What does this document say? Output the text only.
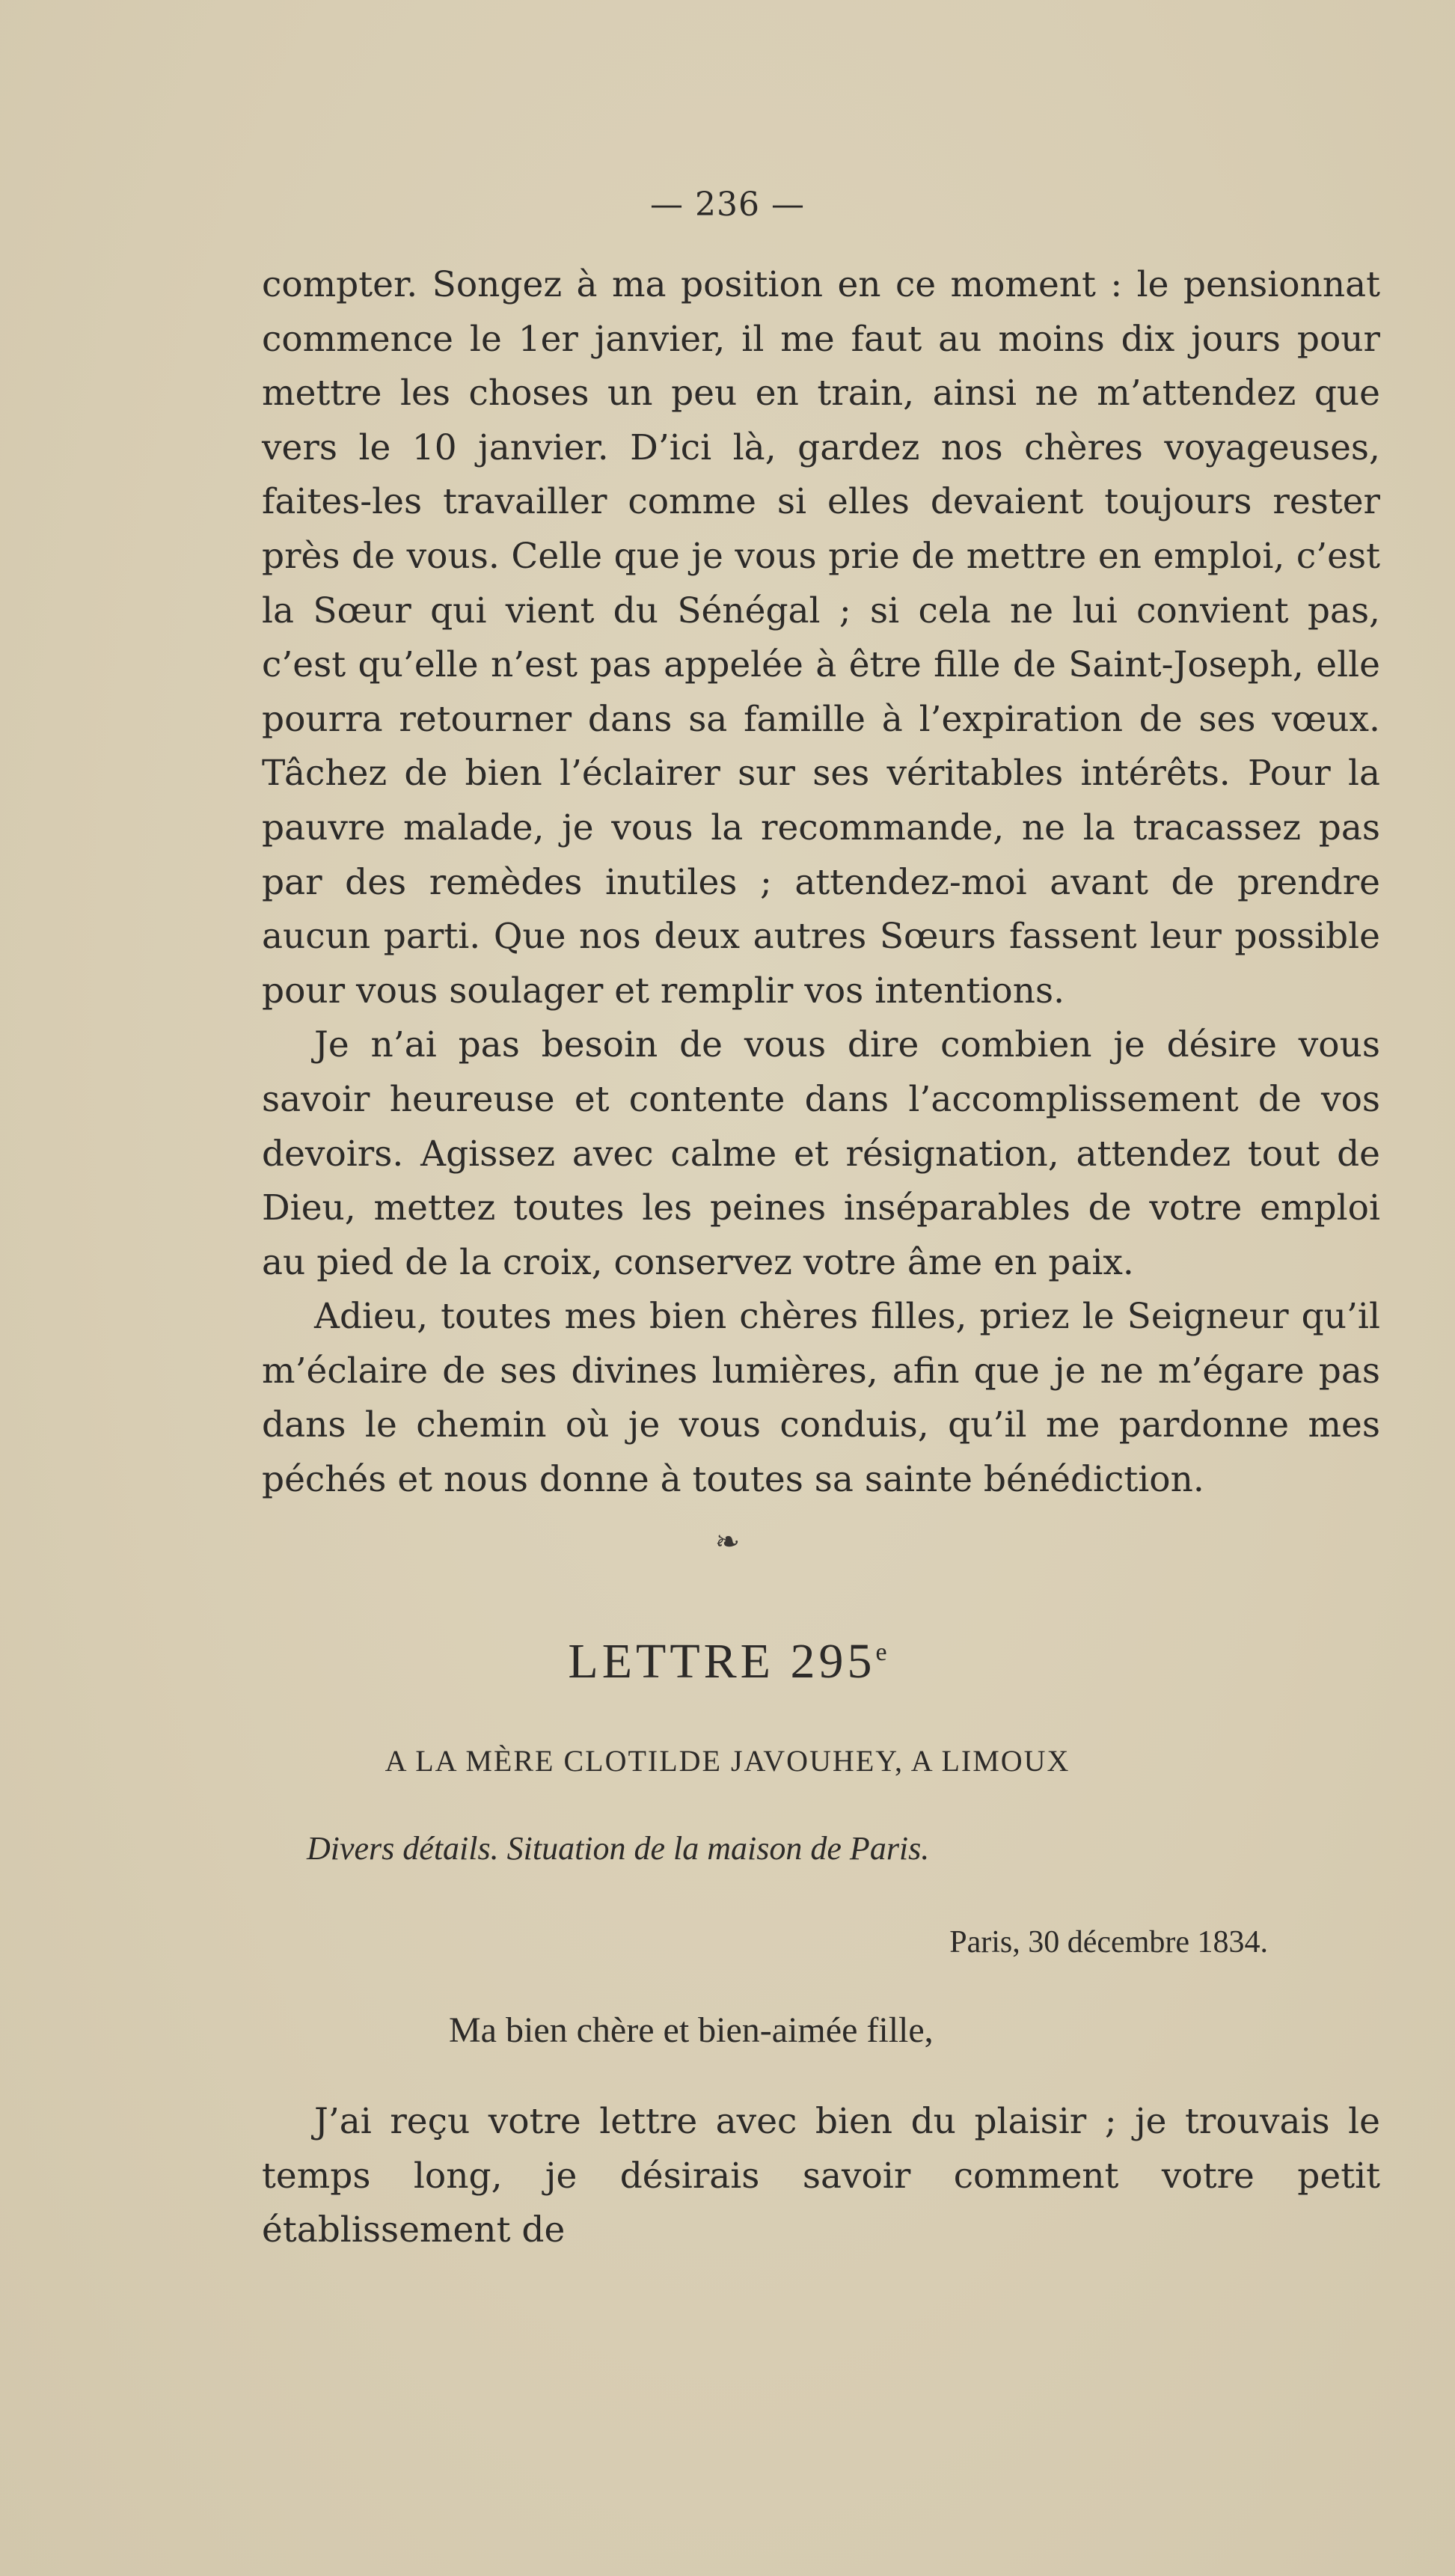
— 236 —

compter. Songez à ma position en ce moment : le pensionnat commence le 1er janvier, il me faut au moins dix jours pour mettre les choses un peu en train, ainsi ne m’attendez que vers le 10 janvier. D’ici là, gardez nos chères voyageuses, faites-les travailler comme si elles devaient toujours rester près de vous. Celle que je vous prie de mettre en emploi, c’est la Sœur qui vient du Sénégal ; si cela ne lui convient pas, c’est qu’elle n’est pas appelée à être fille de Saint-Joseph, elle pourra retourner dans sa famille à l’expiration de ses vœux. Tâchez de bien l’éclairer sur ses véritables intérêts. Pour la pauvre malade, je vous la recommande, ne la tracassez pas par des remèdes inutiles ; attendez-moi avant de prendre aucun parti. Que nos deux autres Sœurs fassent leur possible pour vous soulager et remplir vos intentions.

Je n’ai pas besoin de vous dire combien je désire vous savoir heureuse et contente dans l’accomplissement de vos devoirs. Agissez avec calme et résignation, attendez tout de Dieu, mettez toutes les peines inséparables de votre emploi au pied de la croix, conservez votre âme en paix.

Adieu, toutes mes bien chères filles, priez le Seigneur qu’il m’éclaire de ses divines lumières, afin que je ne m’égare pas dans le chemin où je vous conduis, qu’il me pardonne mes péchés et nous donne à toutes sa sainte bénédiction.

❧
LETTRE 295e
A LA MÈRE CLOTILDE JAVOUHEY, A LIMOUX
Divers détails. Situation de la maison de Paris.
Paris, 30 décembre 1834.
Ma bien chère et bien-aimée fille,

J’ai reçu votre lettre avec bien du plaisir ; je trouvais le temps long, je désirais savoir comment votre petit établissement de
